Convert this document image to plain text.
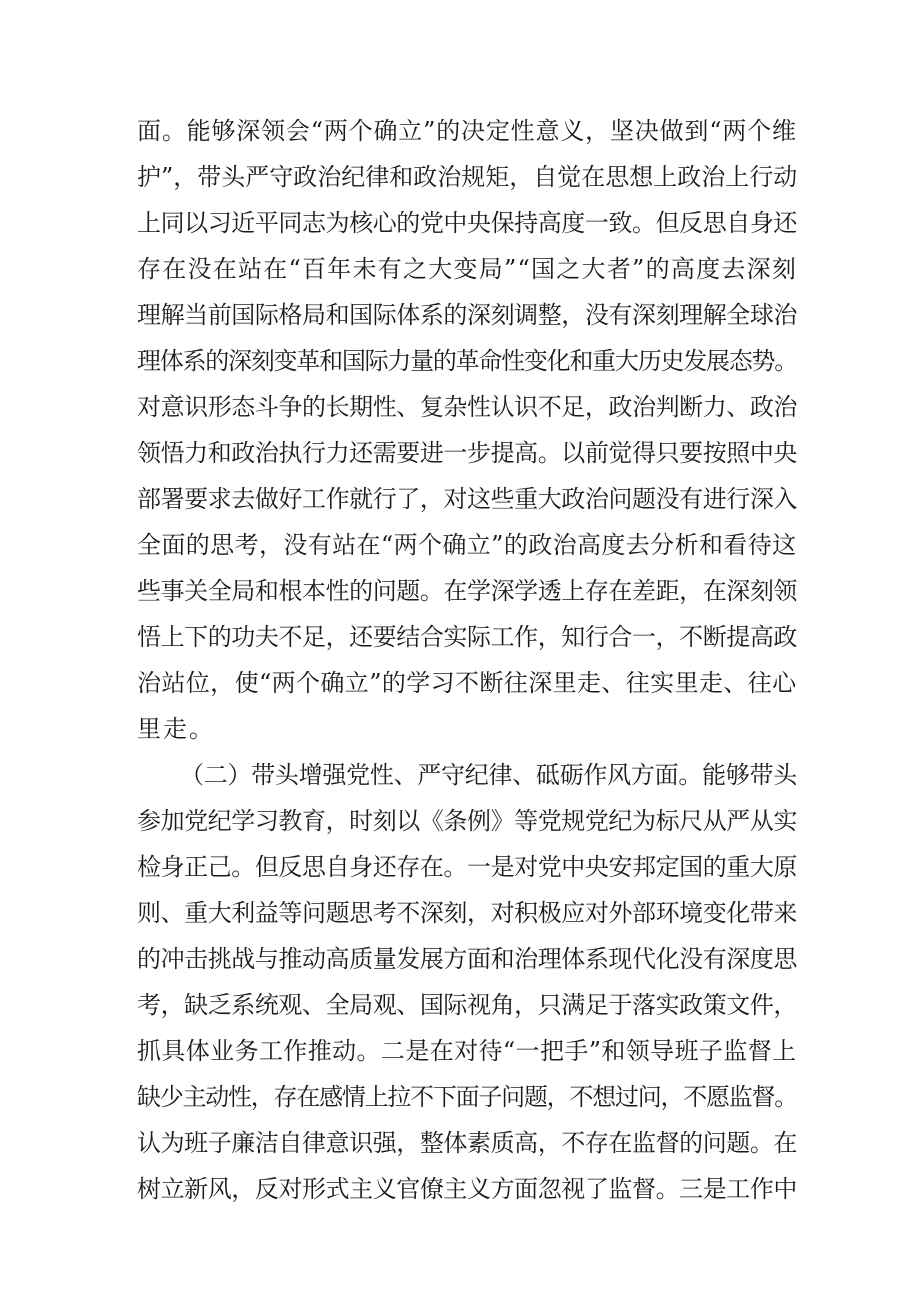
面。能够深领会“两个确立”的决定性意义，坚决做到“两个维
护”，带头严守政治纪律和政治规矩，自觉在思想上政治上行动
上同以习近平同志为核心的党中央保持高度一致。但反思自身还
存在没在站在“百年未有之大变局”“国之大者”的高度去深刻
理解当前国际格局和国际体系的深刻调整，没有深刻理解全球治
理体系的深刻变革和国际力量的革命性变化和重大历史发展态势。
对意识形态斗争的长期性、复杂性认识不足，政治判断力、政治
领悟力和政治执行力还需要进一步提高。以前觉得只要按照中央
部署要求去做好工作就行了，对这些重大政治问题没有进行深入
全面的思考，没有站在“两个确立”的政治高度去分析和看待这
些事关全局和根本性的问题。在学深学透上存在差距，在深刻领
悟上下的功夫不足，还要结合实际工作，知行合一，不断提高政
治站位，使“两个确立”的学习不断往深里走、往实里走、往心
里走。
（二）带头增强党性、严守纪律、砥砺作风方面。能够带头
参加党纪学习教育，时刻以《条例》等党规党纪为标尺从严从实
检身正己。但反思自身还存在。一是对党中央安邦定国的重大原
则、重大利益等问题思考不深刻，对积极应对外部环境变化带来
的冲击挑战与推动高质量发展方面和治理体系现代化没有深度思
考，缺乏系统观、全局观、国际视角，只满足于落实政策文件，
抓具体业务工作推动。二是在对待“一把手”和领导班子监督上
缺少主动性，存在感情上拉不下面子问题，不想过问，不愿监督。
认为班子廉洁自律意识强，整体素质高，不存在监督的问题。在
树立新风，反对形式主义官僚主义方面忽视了监督。三是工作中
